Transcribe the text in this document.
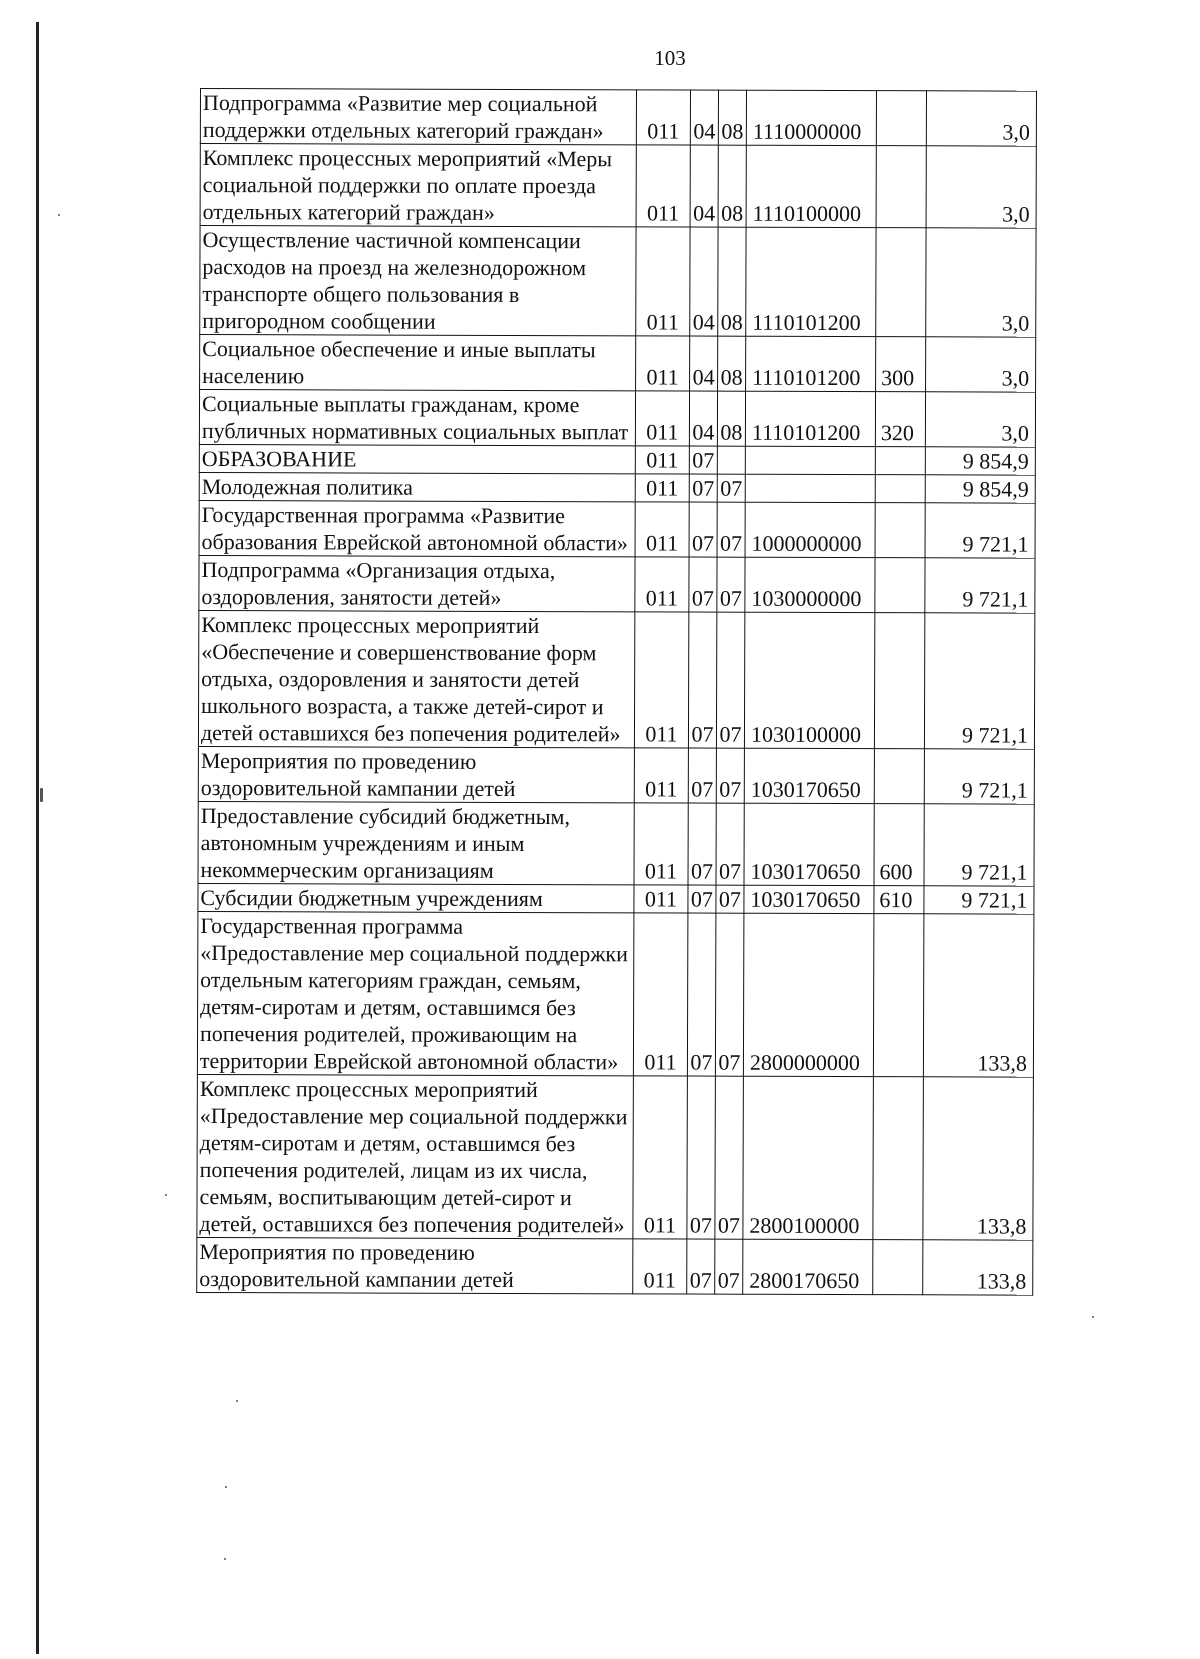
103
Подпрограмма «Развитие мер социальной поддержки отдельных категорий граждан»	011	04	08	1110000000		3,0
Комплекс процессных мероприятий «Меры социальной поддержки по оплате проезда отдельных категорий граждан»	011	04	08	1110100000		3,0
Осуществление частичной компенсации расходов на проезд на железнодорожном транспорте общего пользования в пригородном сообщении	011	04	08	1110101200		3,0
Социальное обеспечение и иные выплаты населению	011	04	08	1110101200	300	3,0
Социальные выплаты гражданам, кроме публичных нормативных социальных выплат	011	04	08	1110101200	320	3,0
ОБРАЗОВАНИЕ	011	07				9 854,9
Молодежная политика	011	07	07			9 854,9
Государственная программа «Развитие образования Еврейской автономной области»	011	07	07	1000000000		9 721,1
Подпрограмма «Организация отдыха, оздоровления, занятости детей»	011	07	07	1030000000		9 721,1
Комплекс процессных мероприятий «Обеспечение и совершенствование форм отдыха, оздоровления и занятости детей школьного возраста, а также детей-сирот и детей оставшихся без попечения родителей»	011	07	07	1030100000		9 721,1
Мероприятия по проведению оздоровительной кампании детей	011	07	07	1030170650		9 721,1
Предоставление субсидий бюджетным, автономным учреждениям и иным некоммерческим организациям	011	07	07	1030170650	600	9 721,1
Субсидии бюджетным учреждениям	011	07	07	1030170650	610	9 721,1
Государственная программа «Предоставление мер социальной поддержки отдельным категориям граждан, семьям, детям-сиротам и детям, оставшимся без попечения родителей, проживающим на территории Еврейской автономной области»	011	07	07	2800000000		133,8
Комплекс процессных мероприятий «Предоставление мер социальной поддержки детям-сиротам и детям, оставшимся без попечения родителей, лицам из их числа, семьям, воспитывающим детей-сирот и детей, оставшихся без попечения родителей»	011	07	07	2800100000		133,8
Мероприятия по проведению оздоровительной кампании детей	011	07	07	2800170650		133,8
